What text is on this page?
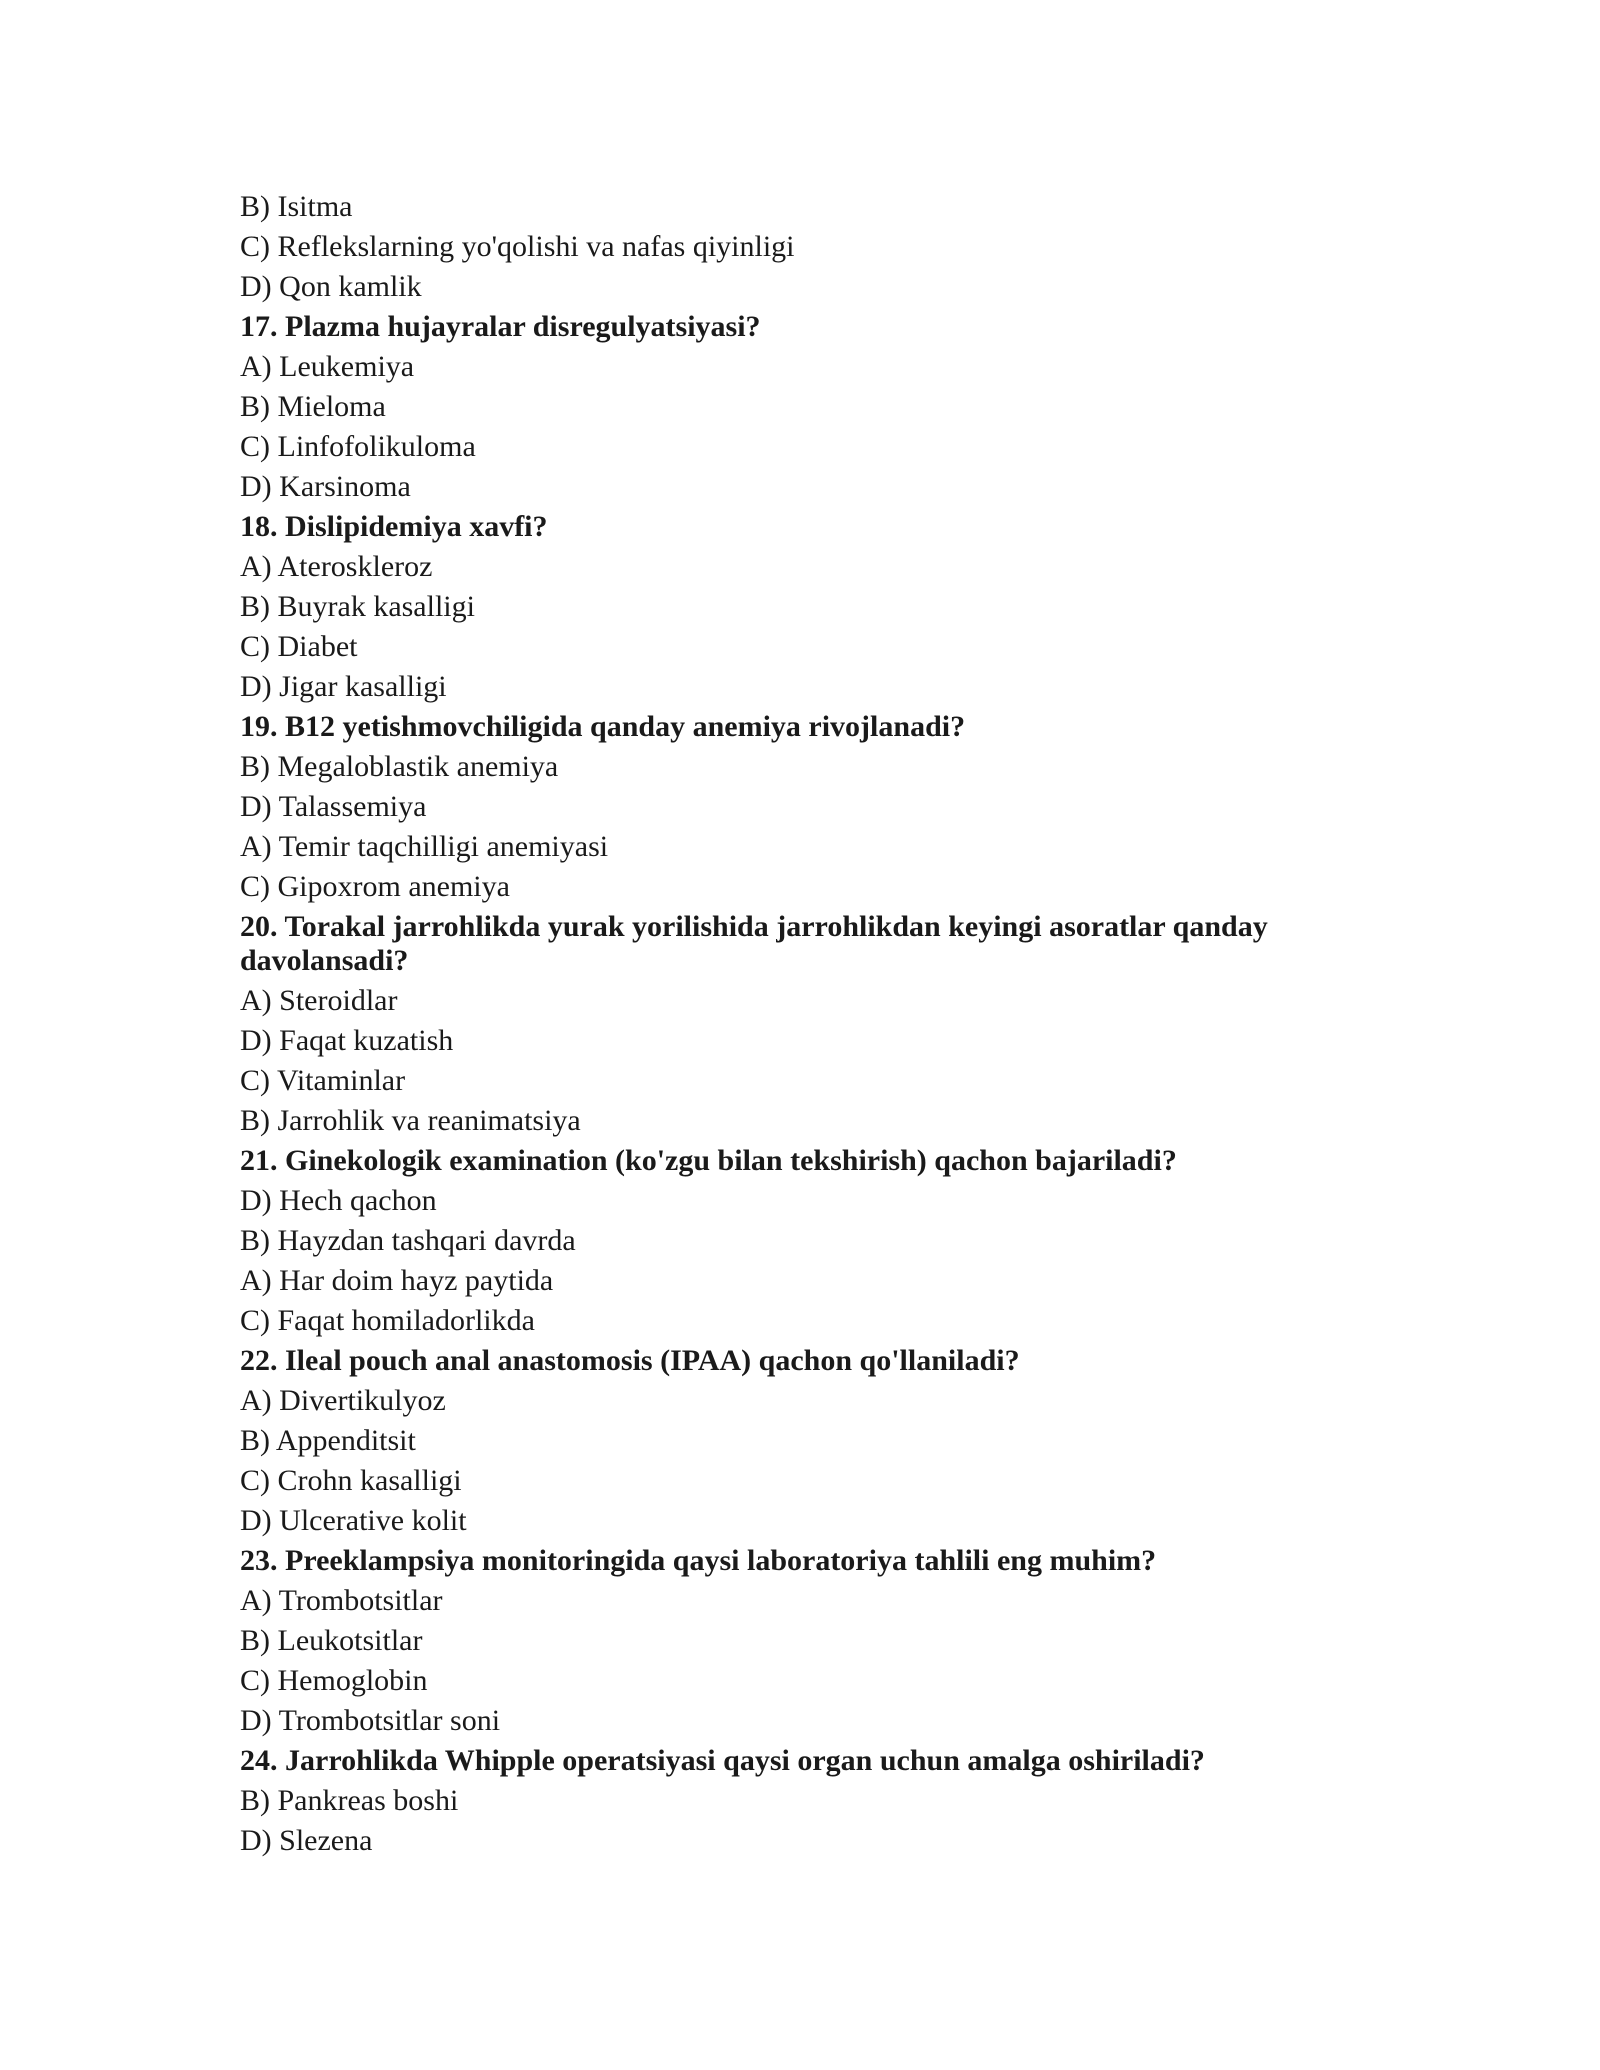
B) Isitma

C) Reflekslarning yo'qolishi va nafas qiyinligi

D) Qon kamlik

17. Plazma hujayralar disregulyatsiyasi?

A) Leukemiya

B) Mieloma

C) Linfofolikuloma

D) Karsinoma

18. Dislipidemiya xavfi?

A) Ateroskleroz

B) Buyrak kasalligi

C) Diabet

D) Jigar kasalligi

19. B12 yetishmovchiligida qanday anemiya rivojlanadi?

B) Megaloblastik anemiya

D) Talassemiya

A) Temir taqchilligi anemiyasi

C) Gipoxrom anemiya

20. Torakal jarrohlikda yurak yorilishida jarrohlikdan keyingi asoratlar qanday davolansadi?

A) Steroidlar

D) Faqat kuzatish

C) Vitaminlar

B) Jarrohlik va reanimatsiya

21. Ginekologik examination (ko'zgu bilan tekshirish) qachon bajariladi?

D) Hech qachon

B) Hayzdan tashqari davrda

A) Har doim hayz paytida

C) Faqat homiladorlikda

22. Ileal pouch anal anastomosis (IPAA) qachon qo'llaniladi?

A) Divertikulyoz

B) Appenditsit

C) Crohn kasalligi

D) Ulcerative kolit

23. Preeklampsiya monitoringida qaysi laboratoriya tahlili eng muhim?

A) Trombotsitlar

B) Leukotsitlar

C) Hemoglobin

D) Trombotsitlar soni

24. Jarrohlikda Whipple operatsiyasi qaysi organ uchun amalga oshiriladi?

B) Pankreas boshi

D) Slezena
